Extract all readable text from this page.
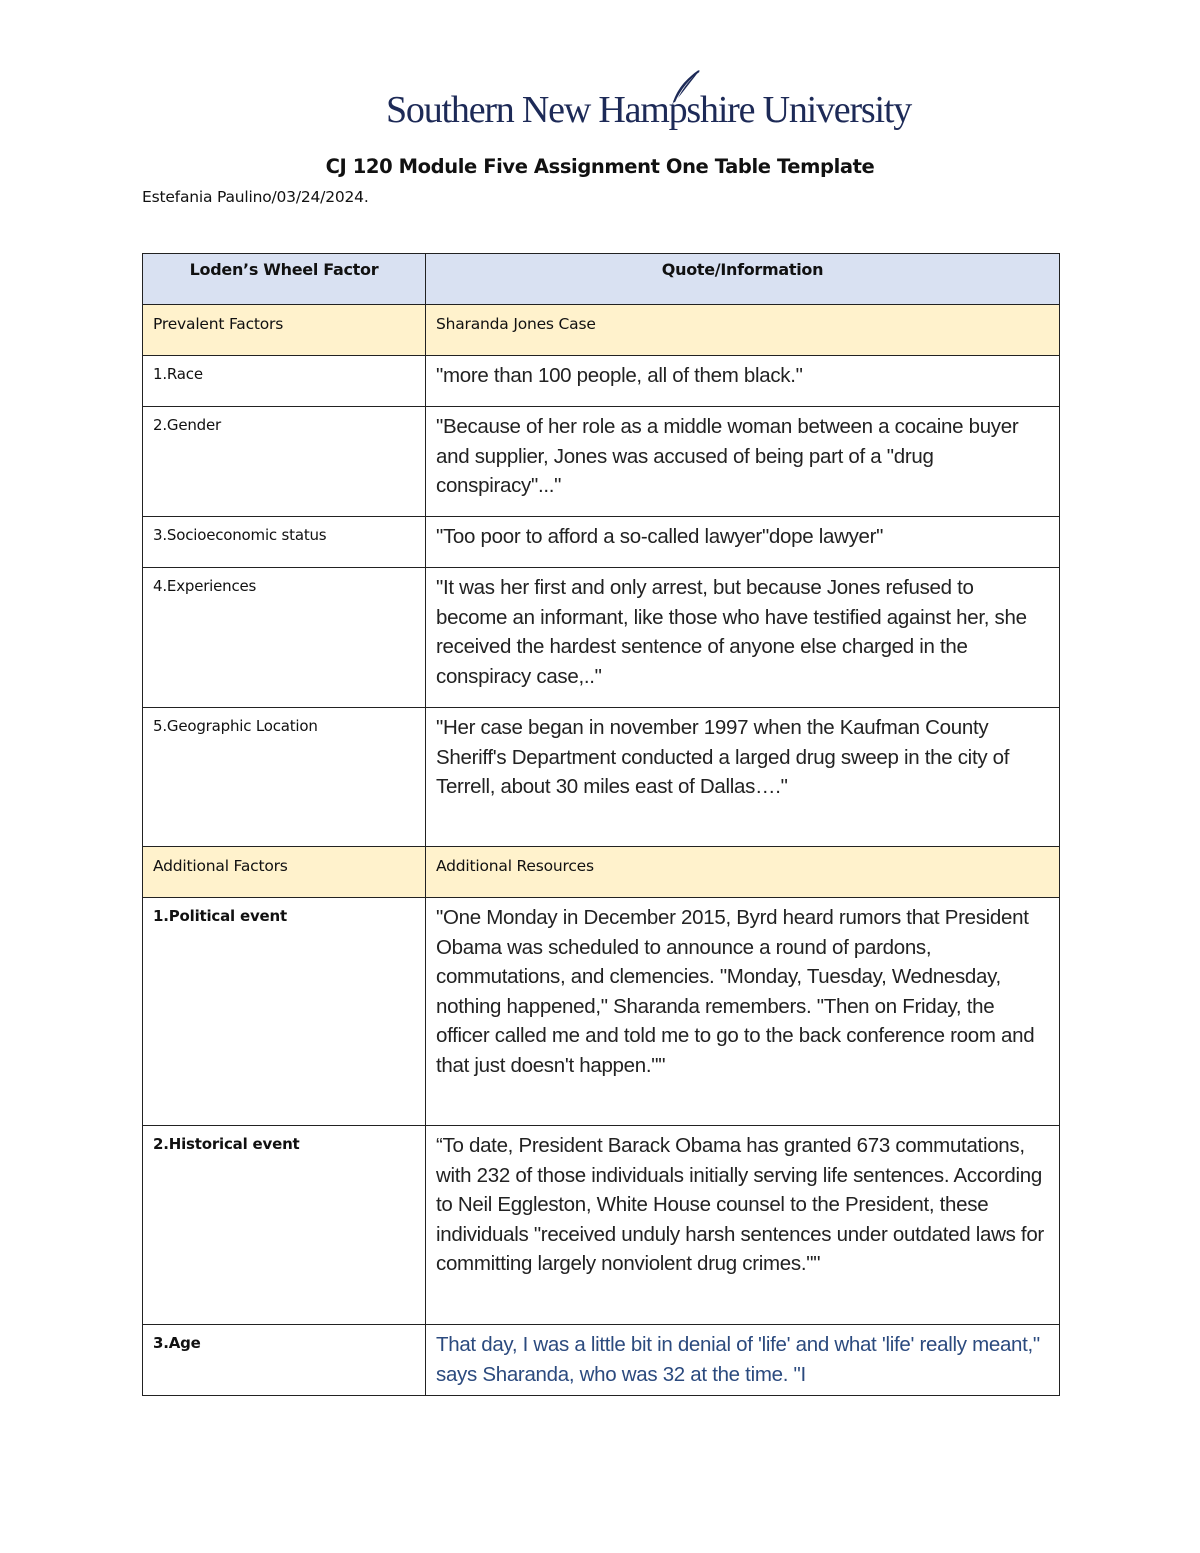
Southern New Hampshire University
CJ 120 Module Five Assignment One Table Template
Estefania Paulino/03/24/2024.
Loden’s Wheel Factor	Quote/Information

Prevalent Factors	Sharanda Jones Case

1.Race	"more than 100 people, all of them black."

2.Gender	"Because of her role as a middle woman between a cocaine buyer and supplier, Jones was accused of being part of a "drug conspiracy"..."

3.Socioeconomic status	"Too poor to afford a so-called lawyer"dope lawyer"

4.Experiences	"It was her first and only arrest, but because Jones refused to become an informant, like those who have testified against her, she received the hardest sentence of anyone else charged in the conspiracy case,.."

5.Geographic Location	"Her case began in november 1997 when the Kaufman County Sheriff's Department conducted a larged drug sweep in the city of Terrell, about 30 miles east of Dallas…."

Additional Factors	Additional Resources

1.Political event	"One Monday in December 2015, Byrd heard rumors that President Obama was scheduled to announce a round of pardons, commutations, and clemencies. "Monday, Tuesday, Wednesday, nothing happened," Sharanda remembers. "Then on Friday, the officer called me and told me to go to the back conference room and that just doesn't happen.""

2.Historical event	“To date, President Barack Obama has granted 673 commutations, with 232 of those individuals initially serving life sentences. According to Neil Eggleston, White House counsel to the President, these individuals "received unduly harsh sentences under outdated laws for committing largely nonviolent drug crimes.""

3.Age	That day, I was a little bit in denial of 'life' and what 'life' really meant," says Sharanda, who was 32 at the time. "I
